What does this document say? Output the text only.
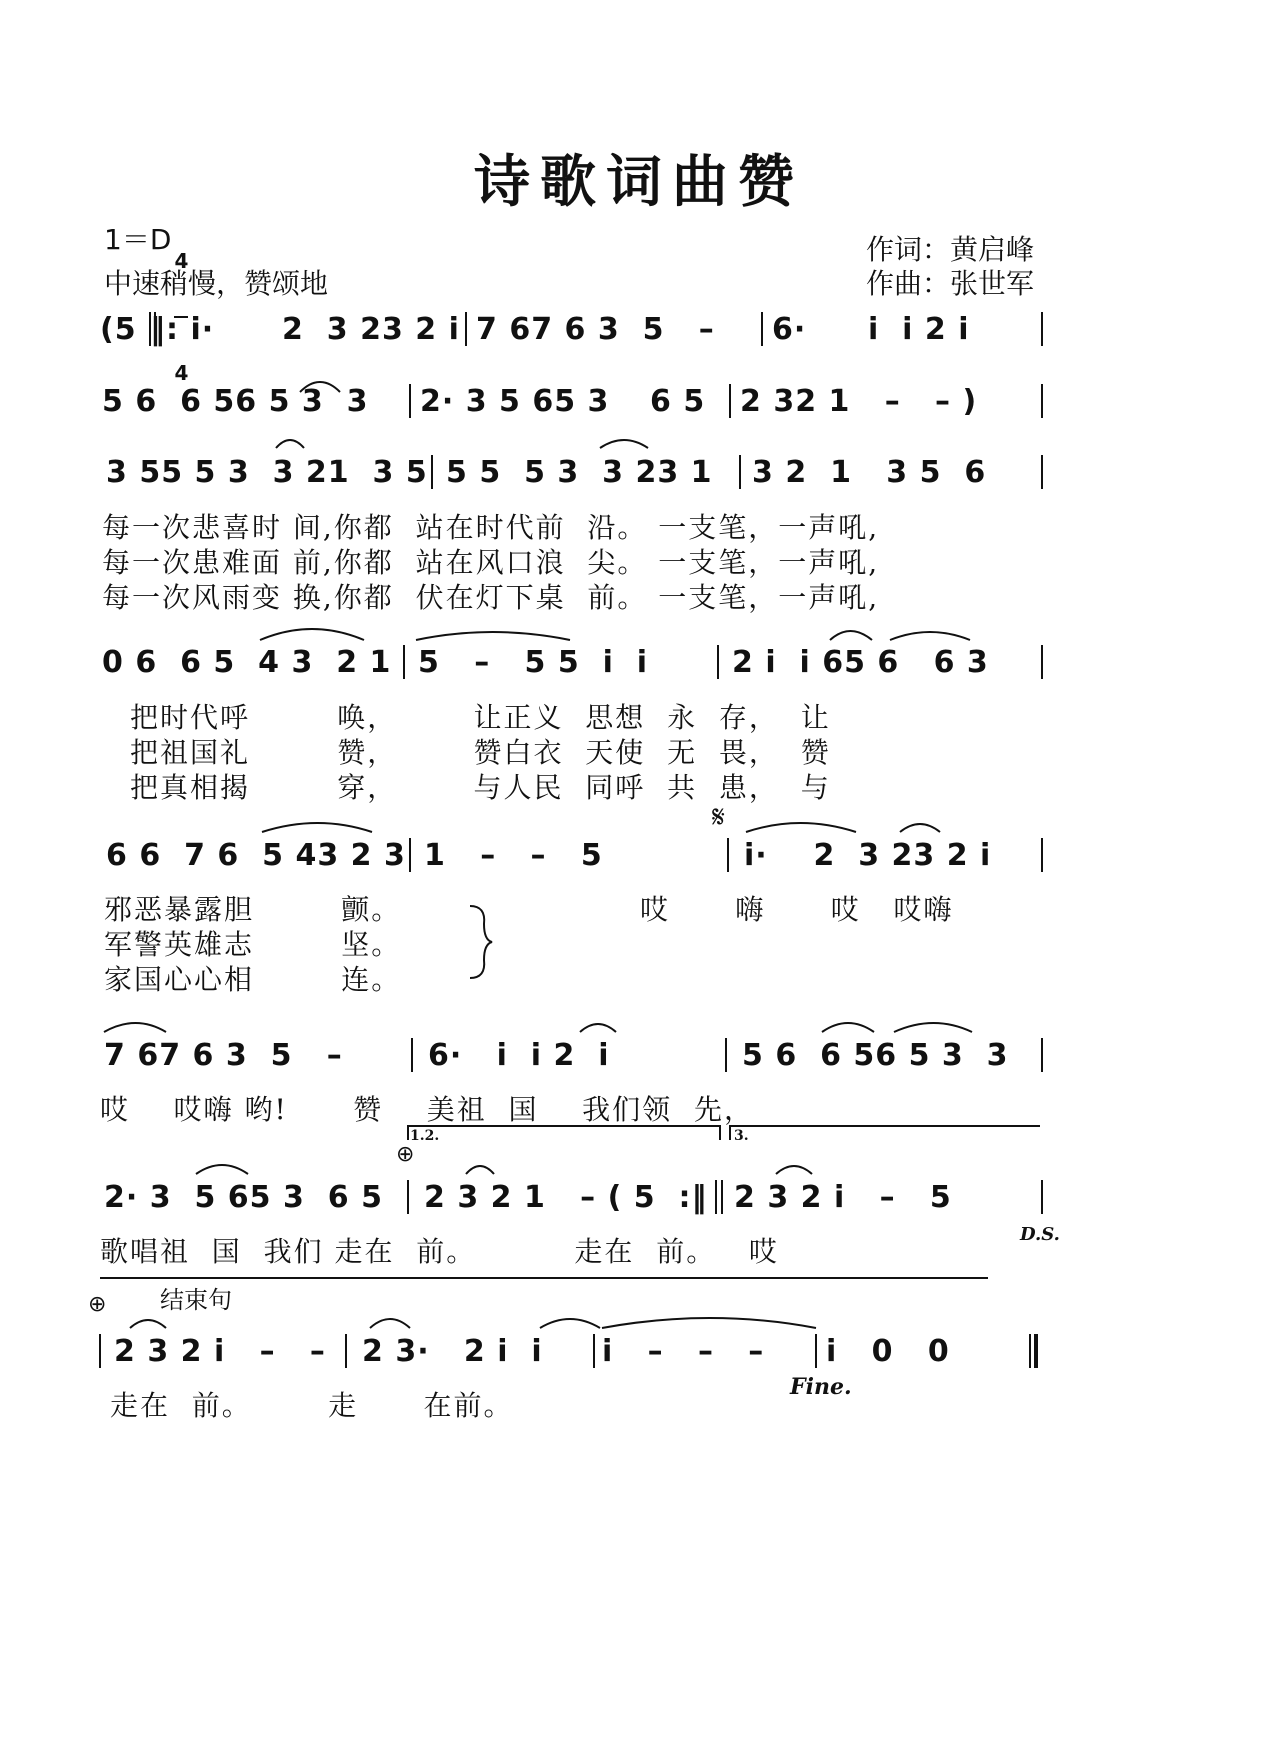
诗歌词曲赞
1＝D

4

4

中速稍慢，赞颂地
作词：黄启峰
作曲：张世军
(5 ‖: i· 2  3 23 2 i 7 67 6 3  5   – 6· i  i 2 i
5 6  6 56 5 3  3 2· 3 5 65 3 6 5 2 32 1   –   – )
3 55 5 3  3 21  3 5 5 5  5 3  3 23 1 3 2  1   3 5  6
每一次悲喜时 间,你都  站在时代前  沿。 一支笔，一声吼,
每一次患难面 前,你都  站在风口浪  尖。 一支笔，一声吼,
每一次风雨变 换,你都  伏在灯下桌  前。 一支笔，一声吼,
0 6  6 5  4 3  2 1 5   –   5 5  i  i	2 i  i 65 6   6 3
把时代呼        唤，       让正义  思想  永  存，  让
把祖国礼        赞，       赞白衣  天使  无  畏，  赞
把真相揭        穿，       与人民  同呼  共  患，  与
𝄋
6 6  7 6  5 43 2 3 1   –   –   5	i·    2  3 23 2 i
邪恶暴露胆        颤。
军警英雄志        坚。
家国心心相        连。
哎      嗨      哎   哎嗨
7 67 6 3  5   –	6·   i  i 2  i	5 6  6 56 5 3  3
哎    哎嗨 哟!      赞    美祖  国    我们领  先，
1.2.	3.
⊕
2· 3  5 65 3  6 5 2 3 2 1   – ( 5  :‖ 2 3 2 i   –   5
歌唱祖  国  我们 走在  前。         走在  前。   哎
D.S.
⊕ 结束句
2 3 2 i   –   – 2 3·   2 i  i i   –   –   – i   0   0
走在  前。       走      在前。
Fine.
